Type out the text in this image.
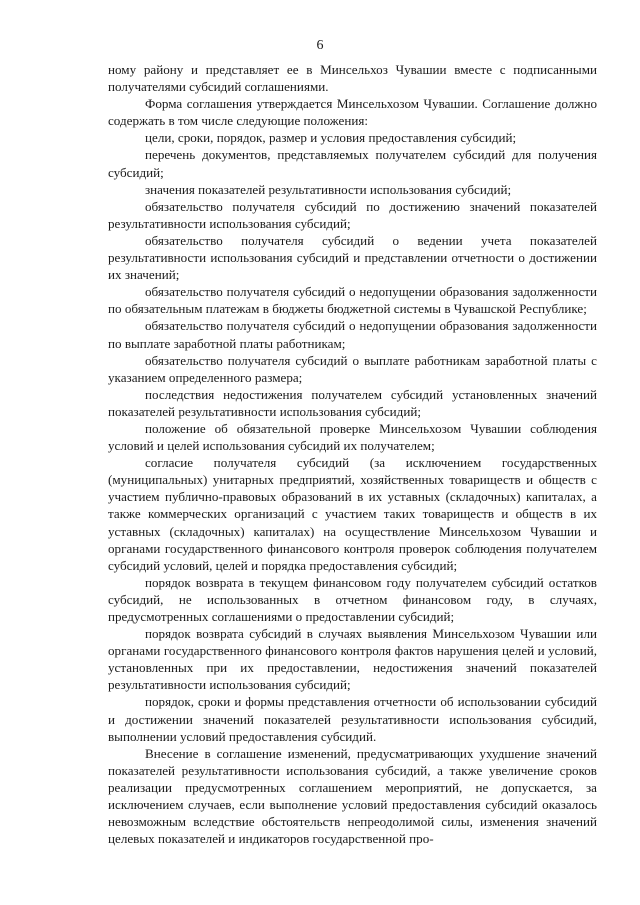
6

ному району и представляет ее в Минсельхоз Чувашии вместе с подписанными получателями субсидий соглашениями.

Форма соглашения утверждается Минсельхозом Чувашии. Соглашение должно содержать в том числе следующие положения:

цели, сроки, порядок, размер и условия предоставления субсидий;

перечень документов, представляемых получателем субсидий для получения субсидий;

значения показателей результативности использования субсидий;

обязательство получателя субсидий по достижению значений показателей результативности использования субсидий;

обязательство получателя субсидий о ведении учета показателей результативности использования субсидий и представлении отчетности о достижении их значений;

обязательство получателя субсидий о недопущении образования задолженности по обязательным платежам в бюджеты бюджетной системы в Чувашской Республике;

обязательство получателя субсидий о недопущении образования задолженности по выплате заработной платы работникам;

обязательство получателя субсидий о выплате работникам заработной платы с указанием определенного размера;

последствия недостижения получателем субсидий установленных значений показателей результативности использования субсидий;

положение об обязательной проверке Минсельхозом Чувашии соблюдения условий и целей использования субсидий их получателем;

согласие получателя субсидий (за исключением государственных (муниципальных) унитарных предприятий, хозяйственных товариществ и обществ с участием публично-правовых образований в их уставных (складочных) капиталах, а также коммерческих организаций с участием таких товариществ и обществ в их уставных (складочных) капиталах) на осуществление Минсельхозом Чувашии и органами государственного финансового контроля проверок соблюдения получателем субсидий условий, целей и порядка предоставления субсидий;

порядок возврата в текущем финансовом году получателем субсидий остатков субсидий, не использованных в отчетном финансовом году, в случаях, предусмотренных соглашениями о предоставлении субсидий;

порядок возврата субсидий в случаях выявления Минсельхозом Чувашии или органами государственного финансового контроля фактов нарушения целей и условий, установленных при их предоставлении, недостижения значений показателей результативности использования субсидий;

порядок, сроки и формы представления отчетности об использовании субсидий и достижении значений показателей результативности использования субсидий, выполнении условий предоставления субсидий.

Внесение в соглашение изменений, предусматривающих ухудшение значений показателей результативности использования субсидий, а также увеличение сроков реализации предусмотренных соглашением мероприятий, не допускается, за исключением случаев, если выполнение условий предоставления субсидий оказалось невозможным вследствие обстоятельств непреодолимой силы, изменения значений целевых показателей и индикаторов государственной про-
